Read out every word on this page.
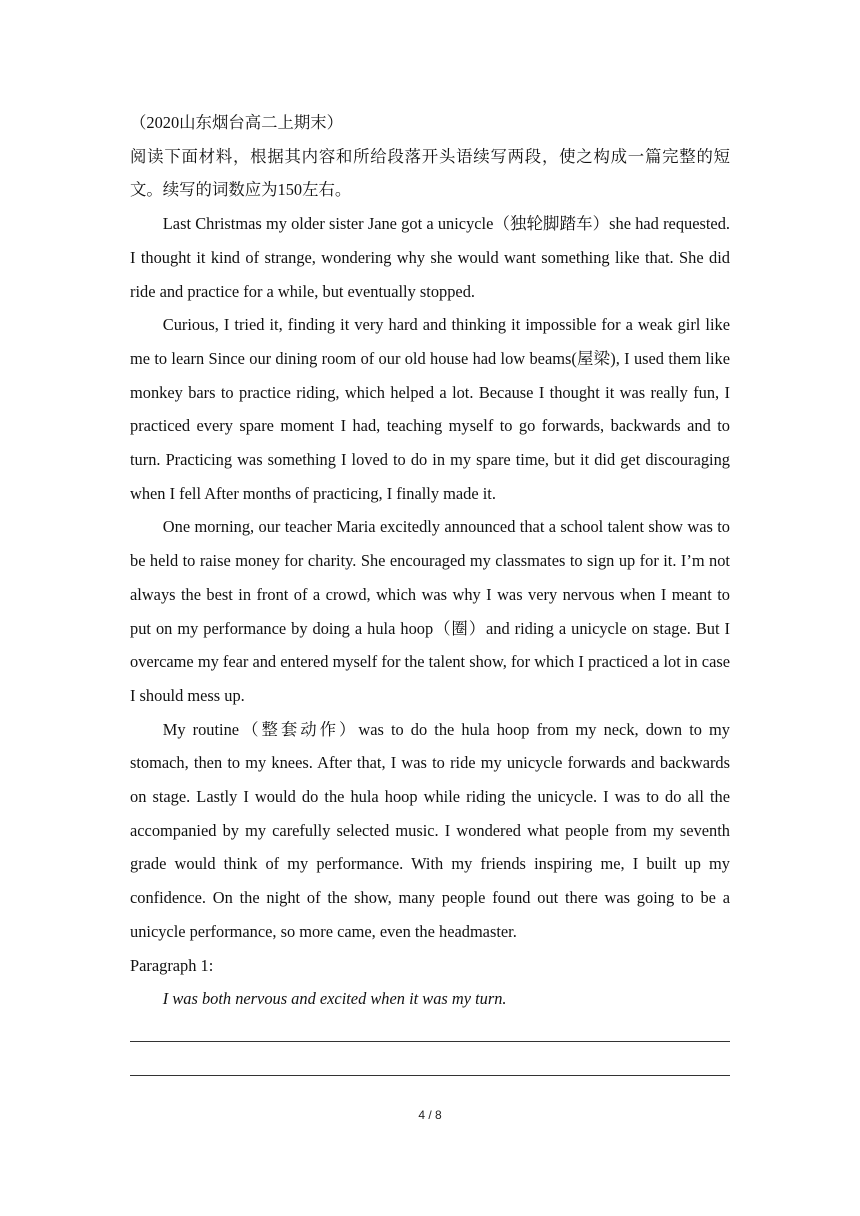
（2020山东烟台高二上期末）

阅读下面材料，根据其内容和所给段落开头语续写两段，使之构成一篇完整的短文。续写的词数应为150左右。

Last Christmas my older sister Jane got a unicycle（独轮脚踏车）she had requested. I thought it kind of strange, wondering why she would want something like that. She did ride and practice for a while, but eventually stopped.

Curious, I tried it, finding it very hard and thinking it impossible for a weak girl like me to learn Since our dining room of our old house had low beams(屋梁), I used them like monkey bars to practice riding, which helped a lot. Because I thought it was really fun, I practiced every spare moment I had, teaching myself to go forwards, backwards and to turn. Practicing was something I loved to do in my spare time, but it did get discouraging when I fell After months of practicing, I finally made it.

One morning, our teacher Maria excitedly announced that a school talent show was to be held to raise money for charity. She encouraged my classmates to sign up for it. I’m not always the best in front of a crowd, which was why I was very nervous when I meant to put on my performance by doing a hula hoop（圈）and riding a unicycle on stage. But I overcame my fear and entered myself for the talent show, for which I practiced a lot in case I should mess up.

My routine（整套动作）was to do the hula hoop from my neck, down to my stomach, then to my knees. After that, I was to ride my unicycle forwards and backwards on stage. Lastly I would do the hula hoop while riding the unicycle. I was to do all the accompanied by my carefully selected music. I wondered what people from my seventh grade would think of my performance. With my friends inspiring me, I built up my confidence. On the night of the show, many people found out there was going to be a unicycle performance, so more came, even the headmaster.

Paragraph 1:

I was both nervous and excited when it was my turn.

4 / 8
